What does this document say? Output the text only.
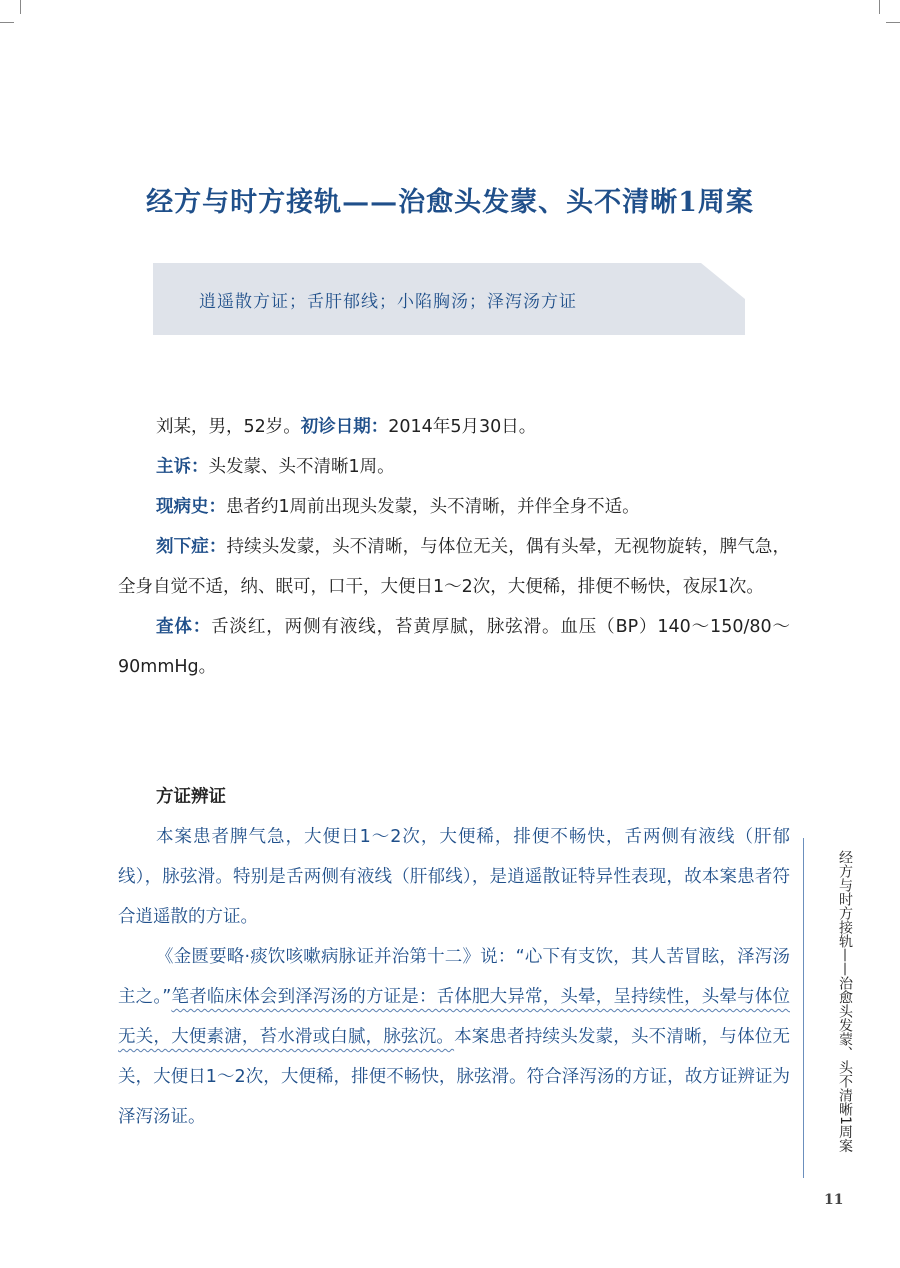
经方与时方接轨——治愈头发蒙、头不清晰1周案
逍遥散方证；舌肝郁线；小陷胸汤；泽泻汤方证

刘某，男，52岁。初诊日期：2014年5月30日。

主诉：头发蒙、头不清晰1周。

现病史：患者约1周前出现头发蒙，头不清晰，并伴全身不适。

刻下症：持续头发蒙，头不清晰，与体位无关，偶有头晕，无视物旋转，脾气急，全身自觉不适，纳、眠可，口干，大便日1～2次，大便稀，排便不畅快，夜尿1次。

查体：舌淡红，两侧有液线，苔黄厚腻，脉弦滑。血压（BP）140～150/80～90mmHg。

方证辨证

本案患者脾气急，大便日1～2次，大便稀，排便不畅快，舌两侧有液线（肝郁线），脉弦滑。特别是舌两侧有液线（肝郁线），是逍遥散证特异性表现，故本案患者符合逍遥散的方证。

《金匮要略·痰饮咳嗽病脉证并治第十二》说：“心下有支饮，其人苦冒眩，泽泻汤主之。”笔者临床体会到泽泻汤的方证是：舌体肥大异常，头晕，呈持续性，头晕与体位无关，大便素溏，苔水滑或白腻，脉弦沉。本案患者持续头发蒙，头不清晰，与体位无关，大便日1～2次，大便稀，排便不畅快，脉弦滑。符合泽泻汤的方证，故方证辨证为泽泻汤证。	经方与时方接轨——治愈头发蒙、头不清晰1周案
11
